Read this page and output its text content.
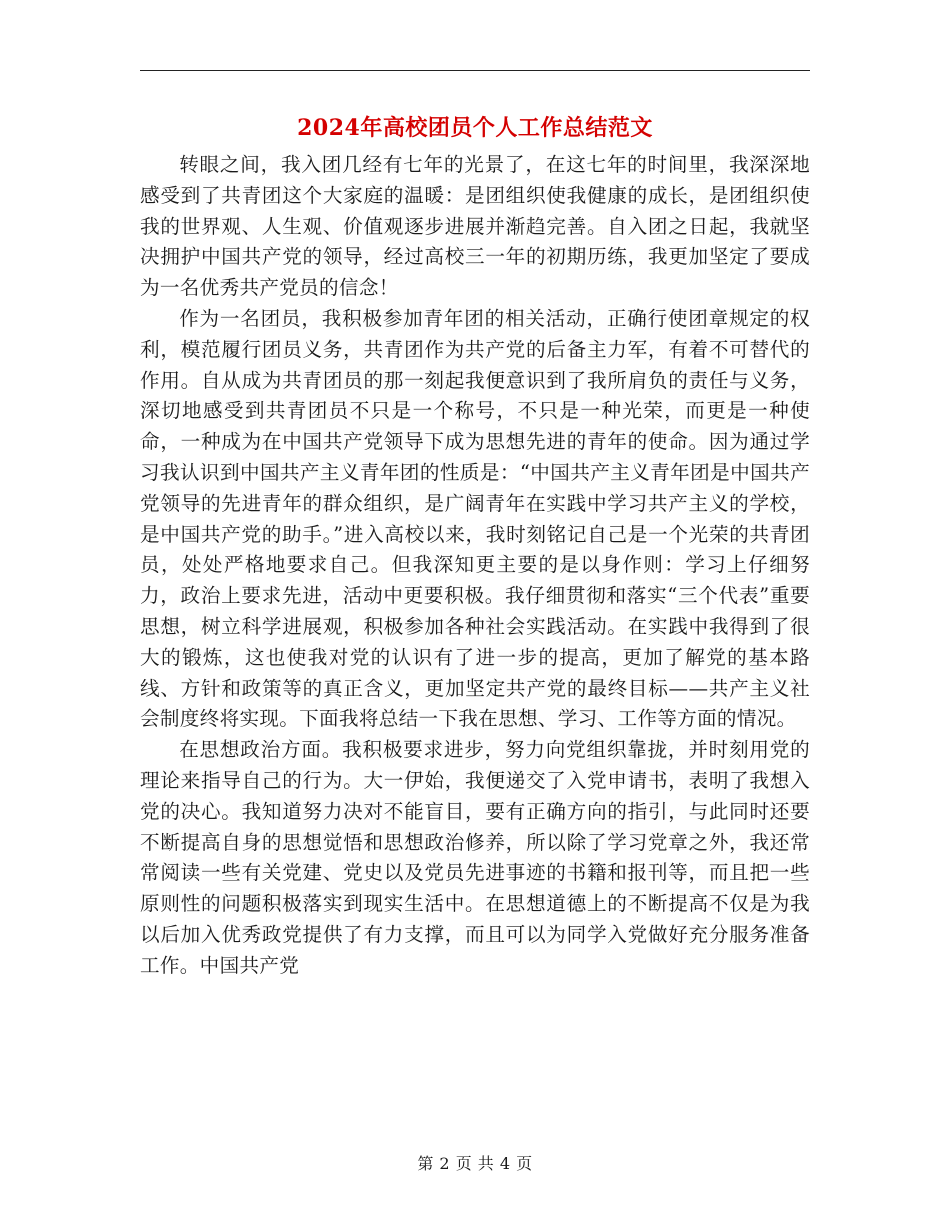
2024年高校团员个人工作总结范文

转眼之间，我入团几经有七年的光景了，在这七年的时间里，我深深地感受到了共青团这个大家庭的温暖：是团组织使我健康的成长，是团组织使我的世界观、人生观、价值观逐步进展并渐趋完善。自入团之日起，我就坚决拥护中国共产党的领导，经过高校三一年的初期历练，我更加坚定了要成为一名优秀共产党员的信念！

作为一名团员，我积极参加青年团的相关活动，正确行使团章规定的权利，模范履行团员义务，共青团作为共产党的后备主力军，有着不可替代的作用。自从成为共青团员的那一刻起我便意识到了我所肩负的责任与义务，深切地感受到共青团员不只是一个称号，不只是一种光荣，而更是一种使命，一种成为在中国共产党领导下成为思想先进的青年的使命。因为通过学习我认识到中国共产主义青年团的性质是：“中国共产主义青年团是中国共产党领导的先进青年的群众组织，是广阔青年在实践中学习共产主义的学校，是中国共产党的助手。”进入高校以来，我时刻铭记自己是一个光荣的共青团员，处处严格地要求自己。但我深知更主要的是以身作则：学习上仔细努力，政治上要求先进，活动中更要积极。我仔细贯彻和落实“三个代表”重要思想，树立科学进展观，积极参加各种社会实践活动。在实践中我得到了很大的锻炼，这也使我对党的认识有了进一步的提高，更加了解党的基本路线、方针和政策等的真正含义，更加坚定共产党的最终目标——共产主义社会制度终将实现。下面我将总结一下我在思想、学习、工作等方面的情况。

在思想政治方面。我积极要求进步，努力向党组织靠拢，并时刻用党的理论来指导自己的行为。大一伊始，我便递交了入党申请书，表明了我想入党的决心。我知道努力决对不能盲目，要有正确方向的指引，与此同时还要不断提高自身的思想觉悟和思想政治修养，所以除了学习党章之外，我还常常阅读一些有关党建、党史以及党员先进事迹的书籍和报刊等，而且把一些原则性的问题积极落实到现实生活中。在思想道德上的不断提高不仅是为我以后加入优秀政党提供了有力支撑，而且可以为同学入党做好充分服务准备工作。中国共产党

第 2 页 共 4 页
